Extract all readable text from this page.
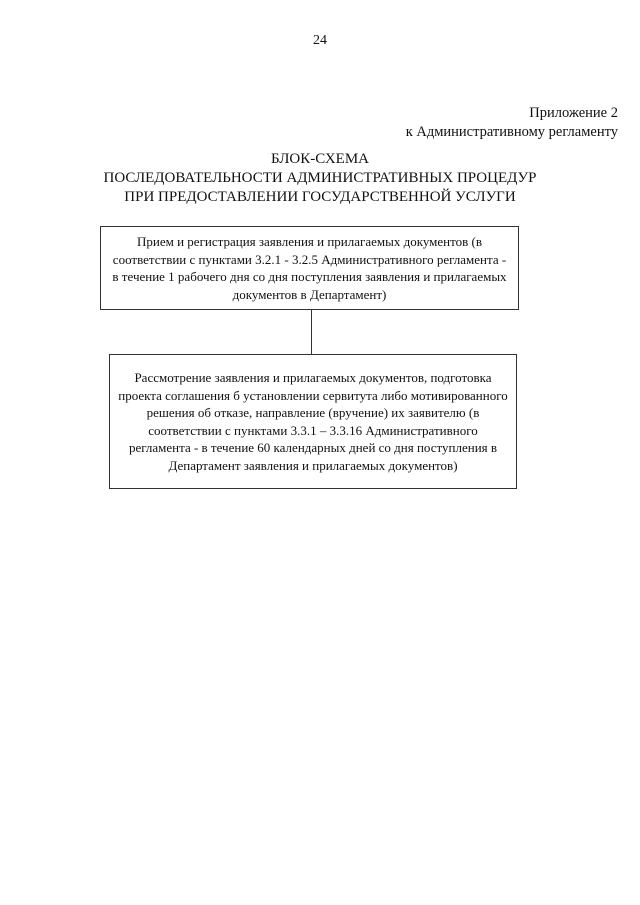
24
Приложение 2
к Административному регламенту
БЛОК-СХЕМА
ПОСЛЕДОВАТЕЛЬНОСТИ АДМИНИСТРАТИВНЫХ ПРОЦЕДУР
ПРИ ПРЕДОСТАВЛЕНИИ ГОСУДАРСТВЕННОЙ УСЛУГИ
Прием и регистрация заявления и прилагаемых документов (в соответствии с пунктами 3.2.1 - 3.2.5 Административного регламента - в течение 1 рабочего дня со дня поступления заявления и прилагаемых документов в Департамент)
Рассмотрение заявления и прилагаемых документов, подготовка проекта соглашения б установлении сервитута либо мотивированного решения об отказе, направление (вручение) их заявителю (в соответствии с пунктами 3.3.1 – 3.3.16 Административного регламента - в течение 60 календарных дней со дня поступления в Департамент заявления и прилагаемых документов)
